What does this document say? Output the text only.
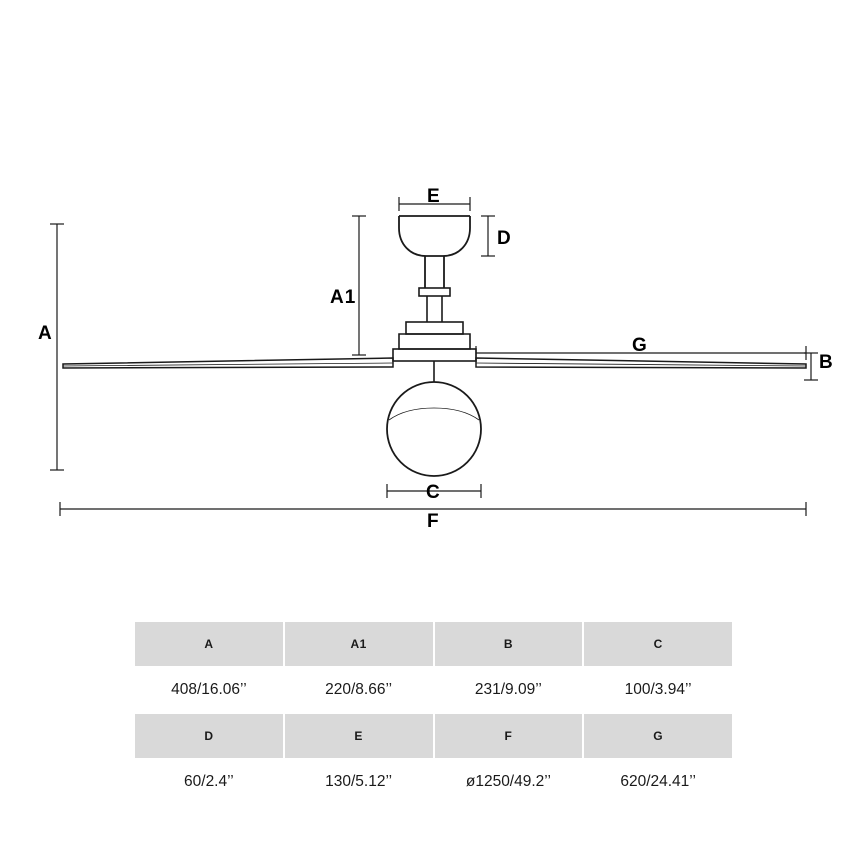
A
A1
B
C
D
E
F
G
A	A1	B	C
408/16.06’’	220/8.66’’	231/9.09’’	100/3.94’’
D	E	F	G
60/2.4’’	130/5.12’’	ø1250/49.2’’	620/24.41’’
